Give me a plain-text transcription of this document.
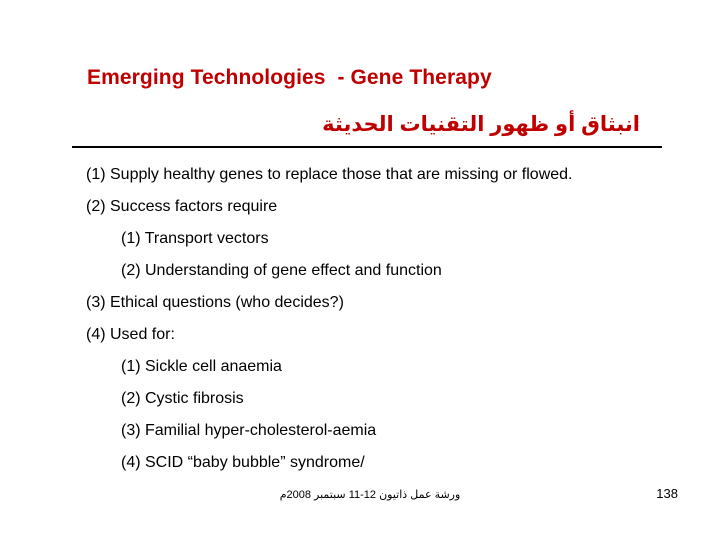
Emerging Technologies  - Gene Therapy
انبثاق أو ظهور التقنيات الحديثة
(1) Supply healthy genes to replace those that are missing or flowed.
(2) Success factors require
(1) Transport vectors
(2) Understanding of gene effect and function
(3) Ethical questions (who decides?)
(4) Used for:
(1) Sickle cell anaemia
(2) Cystic fibrosis
(3) Familial hyper-cholesterol-aemia
(4) SCID “baby bubble” syndrome/
ورشة عمل ذاتيون 12-11 سبتمبر 2008م	138
